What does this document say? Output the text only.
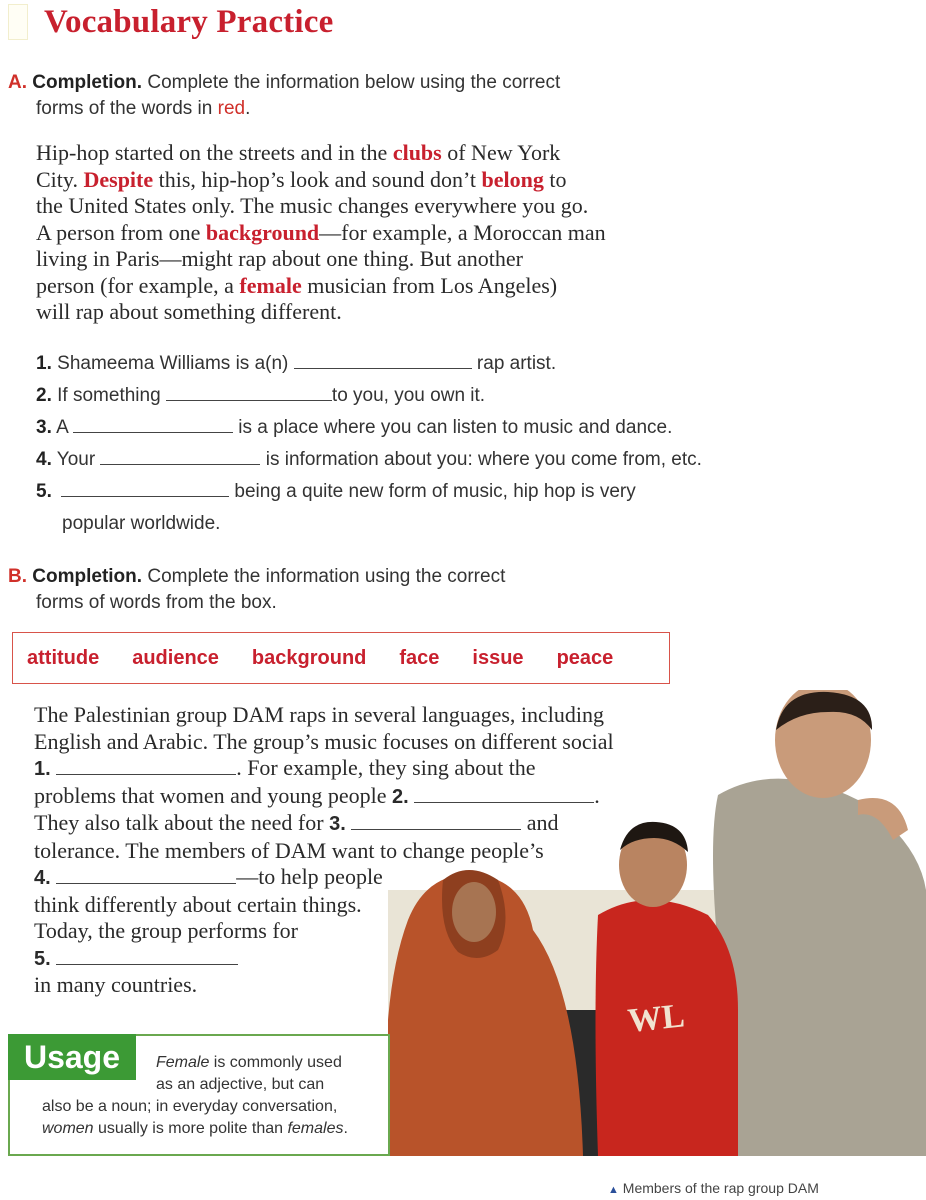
Vocabulary Practice
A. Completion. Complete the information below using the correct
forms of the words in red.
Hip-hop started on the streets and in the clubs of New York
City. Despite this, hip-hop’s look and sound don’t belong to
the United States only. The music changes everywhere you go.
A person from one background—for example, a Moroccan man
living in Paris—might rap about one thing. But another
person (for example, a female musician from Los Angeles)
will rap about something different.
1. Shameema Williams is a(n)	rap artist.
2. If something	to you, you own it.
3. A	is a place where you can listen to music and dance.
4. Your	is information about you: where you come from, etc.
5.	being a quite new form of music, hip hop is very
popular worldwide.
B. Completion. Complete the information using the correct
forms of words from the box.
attitude audience background face issue peace
WL
The Palestinian group DAM raps in several languages, including
English and Arabic. The group’s music focuses on different social
1.	. For example, they sing about the
problems that women and young people 2.	.
They also talk about the need for 3.	and
tolerance. The members of DAM want to change people’s
4.	—to help people
think differently about certain things.
Today, the group performs for
5.
in many countries.
Usage	Female is commonly used
as an adjective, but can
also be a noun; in everyday conversation,
women usually is more polite than females.
▲ Members of the rap group DAM
